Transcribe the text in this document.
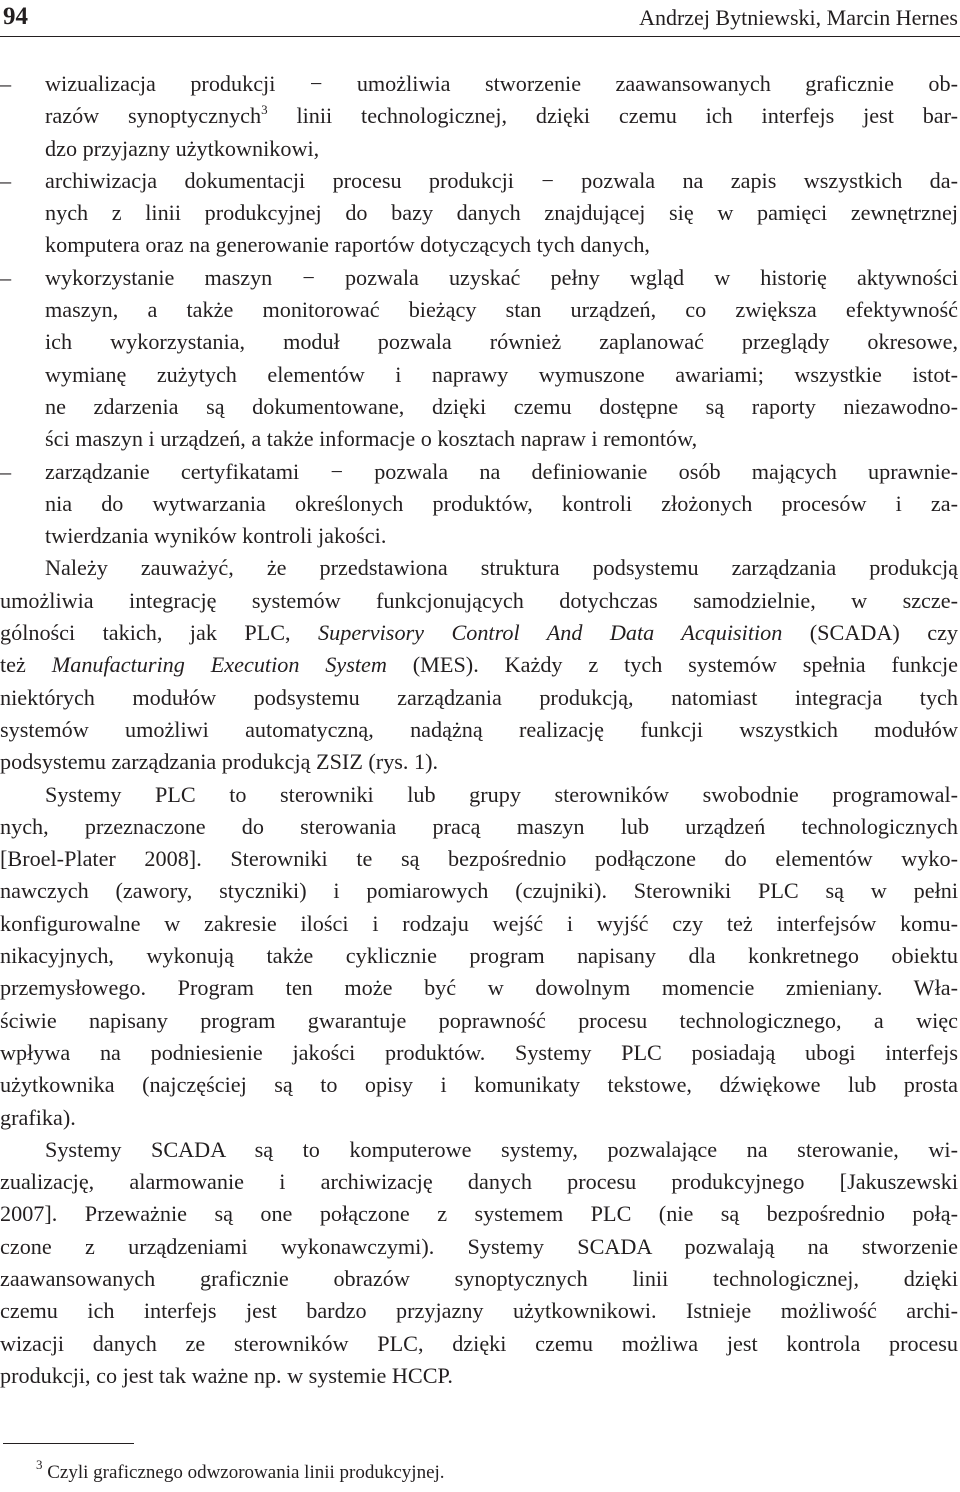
94	Andrzej Bytniewski, Marcin Hernes
– wizualizacja produkcji − umożliwia stworzenie zaawansowanych graficznie ob-
razów synoptycznych$^3$ linii technologicznej, dzięki czemu ich interfejs jest bar-
dzo przyjazny użytkownikowi,
– archiwizacja dokumentacji procesu produkcji − pozwala na zapis wszystkich da-
nych z linii produkcyjnej do bazy danych znajdującej się w pamięci zewnętrznej
komputera oraz na generowanie raportów dotyczących tych danych,
– wykorzystanie maszyn − pozwala uzyskać pełny wgląd w historię aktywności
maszyn, a także monitorować bieżący stan urządzeń, co zwiększa efektywność
ich wykorzystania, moduł pozwala również zaplanować przeglądy okresowe,
wymianę zużytych elementów i naprawy wymuszone awariami; wszystkie istot-
ne zdarzenia są dokumentowane, dzięki czemu dostępne są raporty niezawodno-
ści maszyn i urządzeń, a także informacje o kosztach napraw i remontów,
– zarządzanie certyfikatami − pozwala na definiowanie osób mających uprawnie-
nia do wytwarzania określonych produktów, kontroli złożonych procesów i za-
twierdzania wyników kontroli jakości.
Należy zauważyć, że przedstawiona struktura podsystemu zarządzania produkcją
umożliwia integrację systemów funkcjonujących dotychczas samodzielnie, w szcze-
gólności takich, jak PLC, Supervisory Control And Data Acquisition (SCADA) czy
też Manufacturing Execution System (MES). Każdy z tych systemów spełnia funkcje
niektórych modułów podsystemu zarządzania produkcją, natomiast integracja tych
systemów umożliwi automatyczną, nadążną realizację funkcji wszystkich modułów
podsystemu zarządzania produkcją ZSIZ (rys. 1).
Systemy PLC to sterowniki lub grupy sterowników swobodnie programowal-
nych, przeznaczone do sterowania pracą maszyn lub urządzeń technologicznych
[Broel-Plater 2008]. Sterowniki te są bezpośrednio podłączone do elementów wyko-
nawczych (zawory, styczniki) i pomiarowych (czujniki). Sterowniki PLC są w pełni
konfigurowalne w zakresie ilości i rodzaju wejść i wyjść czy też interfejsów komu-
nikacyjnych, wykonują także cyklicznie program napisany dla konkretnego obiektu
przemysłowego. Program ten może być w dowolnym momencie zmieniany. Wła-
ściwie napisany program gwarantuje poprawność procesu technologicznego, a więc
wpływa na podniesienie jakości produktów. Systemy PLC posiadają ubogi interfejs
użytkownika (najczęściej są to opisy i komunikaty tekstowe, dźwiękowe lub prosta
grafika).
Systemy SCADA są to komputerowe systemy, pozwalające na sterowanie, wi-
zualizację, alarmowanie i archiwizację danych procesu produkcyjnego [Jakuszewski
2007]. Przeważnie są one połączone z systemem PLC (nie są bezpośrednio połą-
czone z urządzeniami wykonawczymi). Systemy SCADA pozwalają na stworzenie
zaawansowanych graficznie obrazów synoptycznych linii technologicznej, dzięki
czemu ich interfejs jest bardzo przyjazny użytkownikowi. Istnieje możliwość archi-
wizacji danych ze sterowników PLC, dzięki czemu możliwa jest kontrola procesu
produkcji, co jest tak ważne np. w systemie HCCP.
$^3$ Czyli graficznego odwzorowania linii produkcyjnej.
